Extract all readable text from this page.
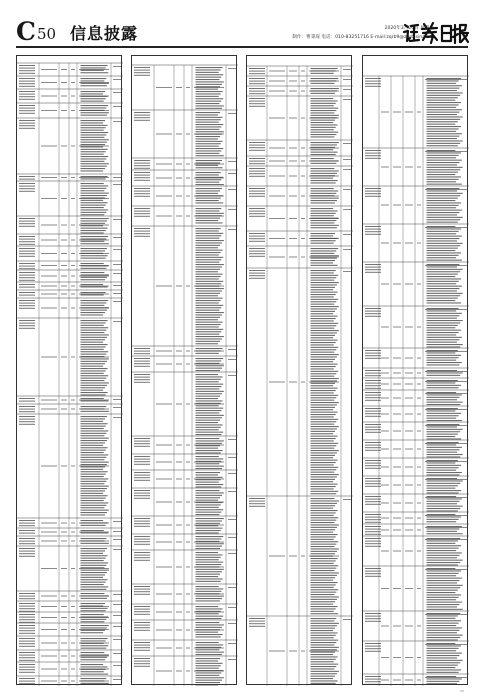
C 50 信息披露	2020年3月20日 星期六
制作：曹秉琛 电话：010-83251716 E-mail:zqrb9@zqrb.sina.net
▭
